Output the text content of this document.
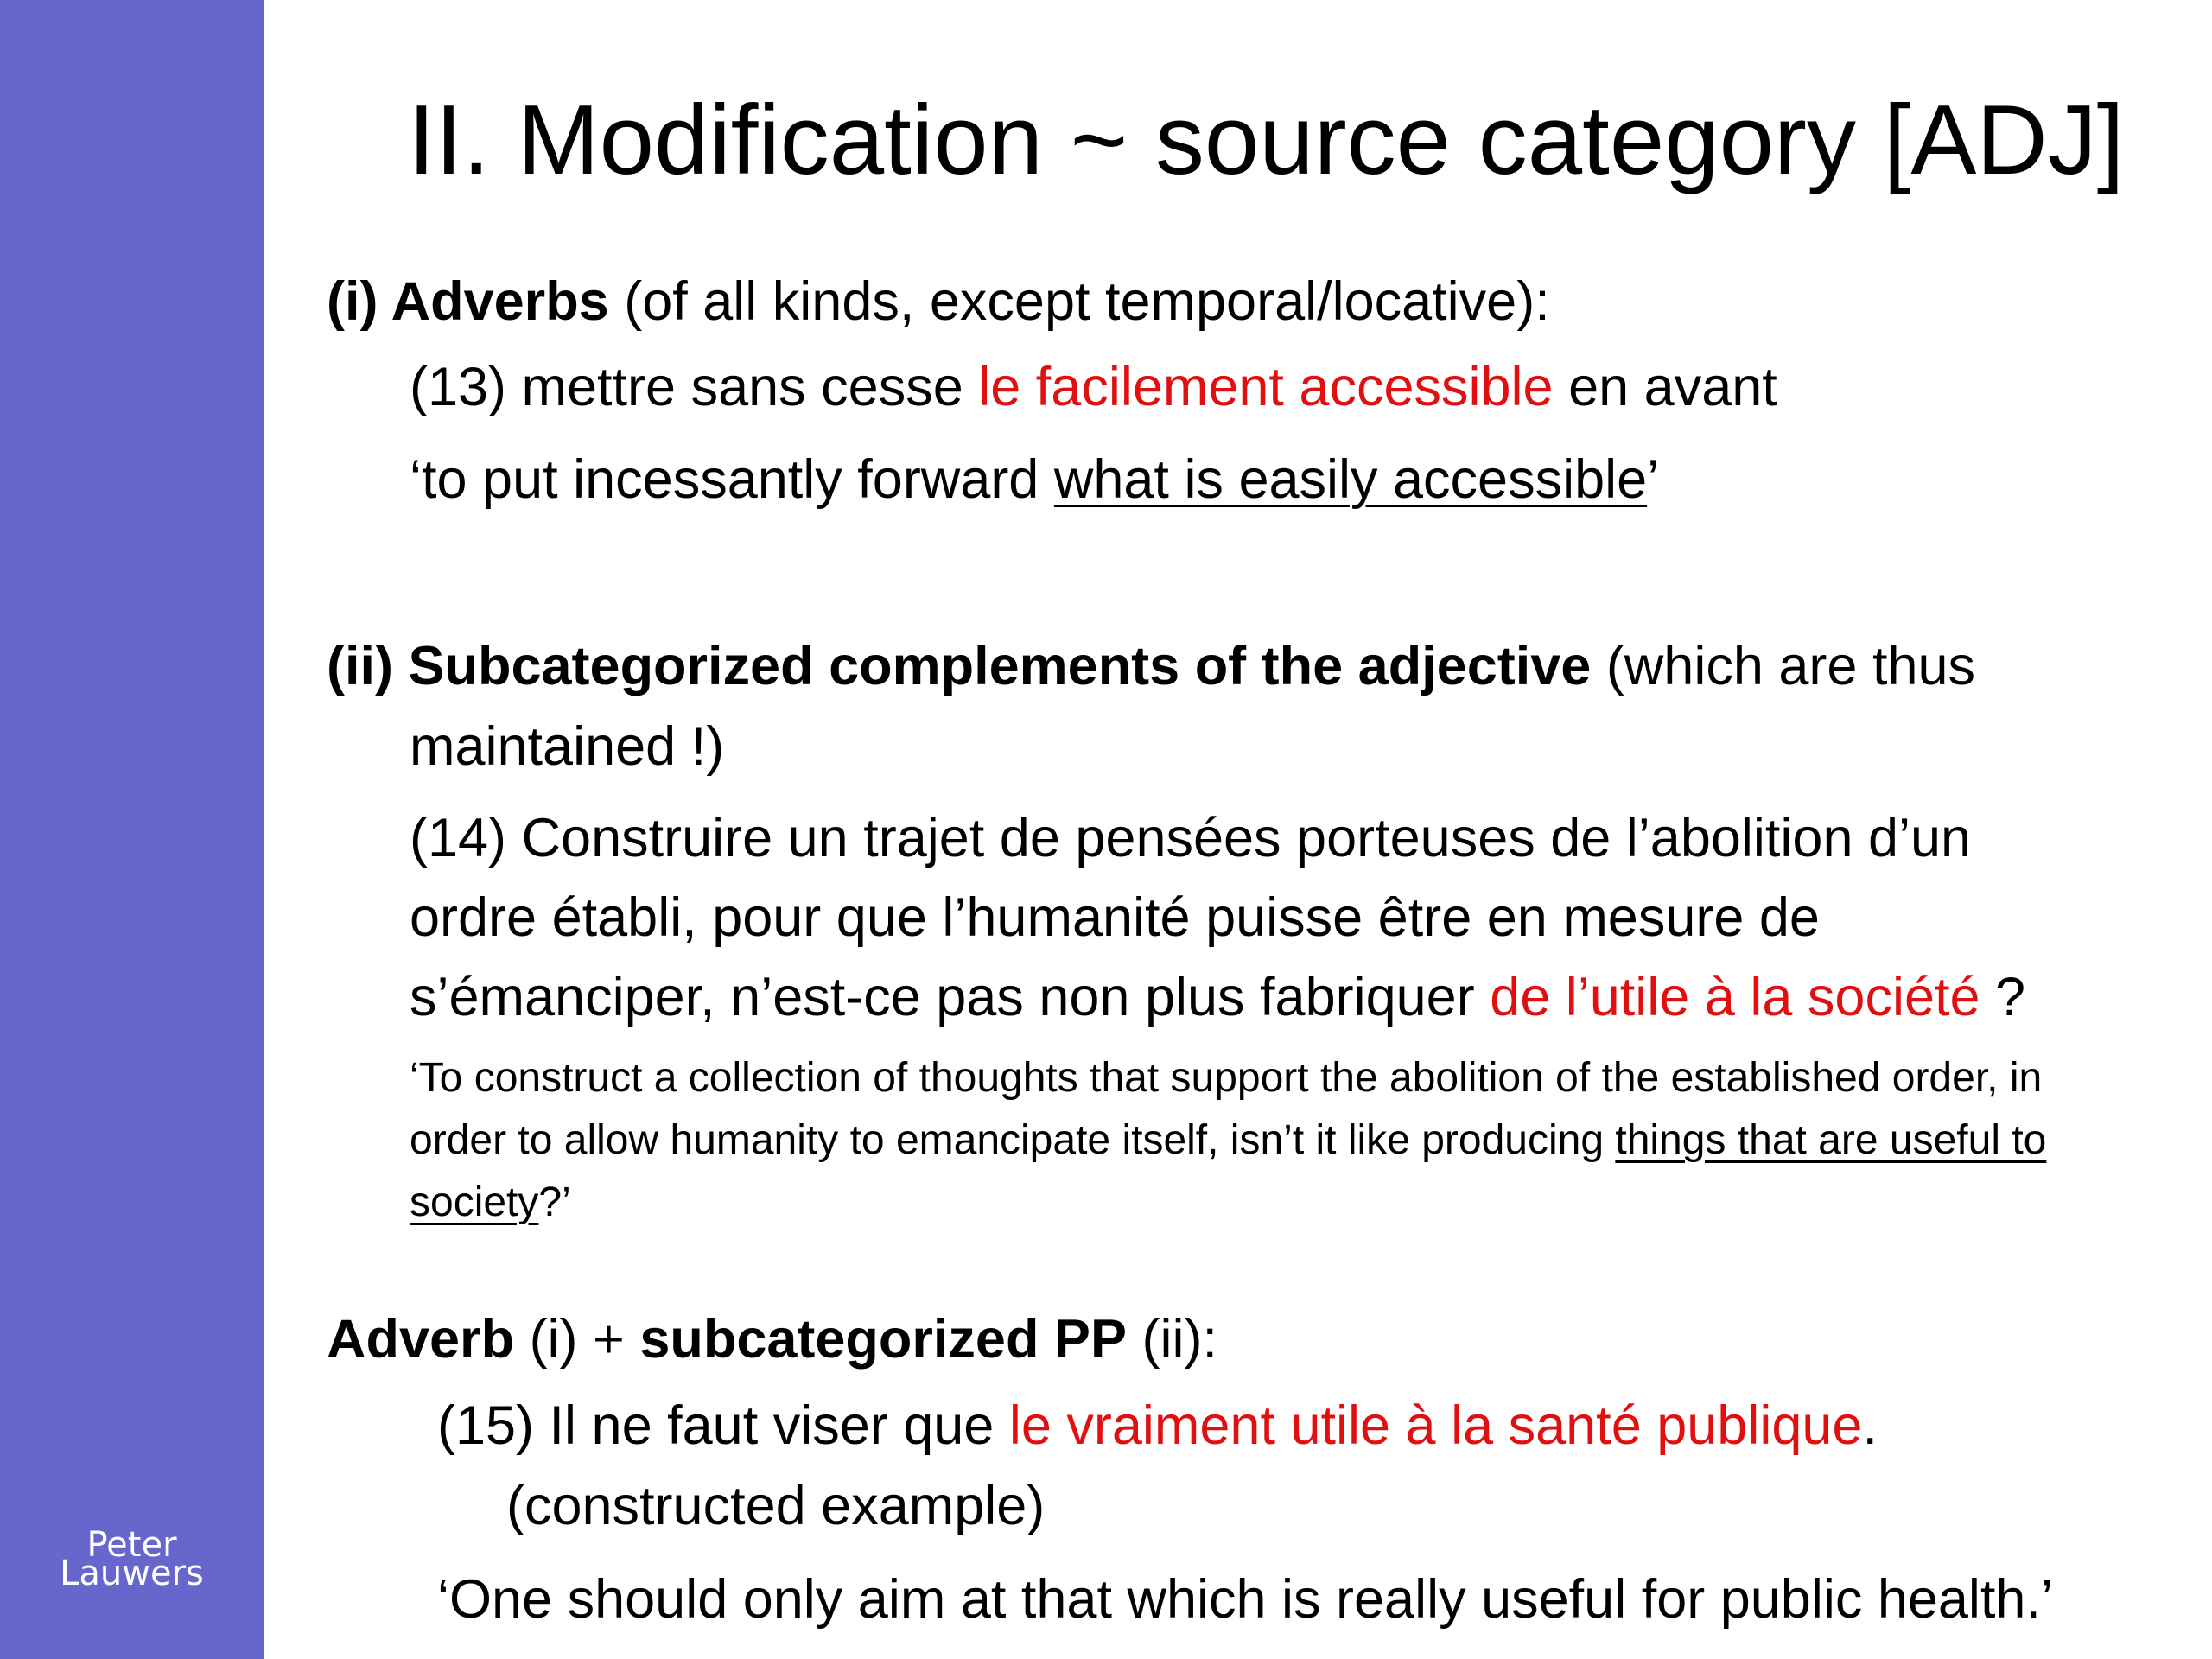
Peter
Lauwers
II. Modification ~ source category [ADJ]
(i) Adverbs (of all kinds, except temporal/locative):
(13) mettre sans cesse le facilement accessible en avant
‘to put incessantly forward what is easily accessible’
(ii) Subcategorized complements of the adjective (which are thus
maintained !)
(14) Construire un trajet de pensées porteuses de l’abolition d’un
ordre établi, pour que l’humanité puisse être en mesure de
s’émanciper, n’est-ce pas non plus fabriquer de l’utile à la société ?
‘To construct a collection of thoughts that support the abolition of the established order, in
order to allow humanity to emancipate itself, isn’t it like producing things that are useful to
society?’
Adverb (i) + subcategorized PP (ii):
(15) Il ne faut viser que le vraiment utile à la santé publique.
(constructed example)
‘One should only aim at that which is really useful for public health.’
